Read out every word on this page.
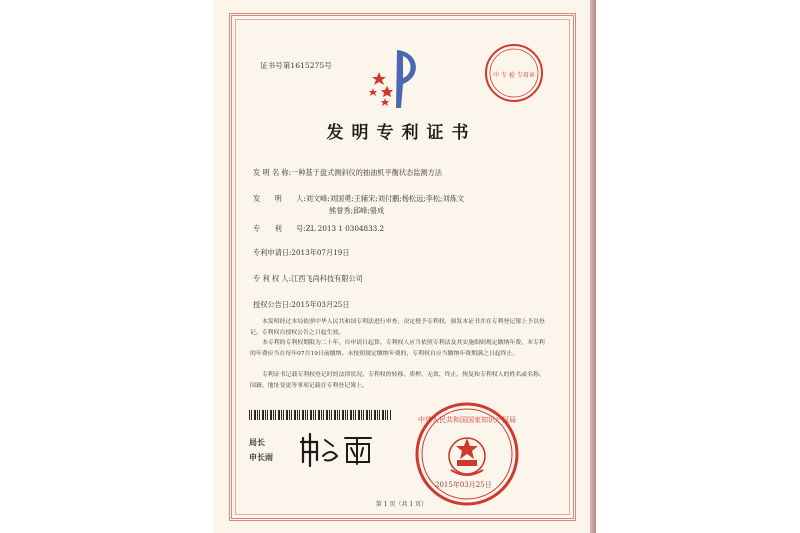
证书号第1615275号
中 专 检 专用章
发明专利证书
发 明 名 称:一种基于盘式测斜仪的抽油机平衡状态监测方法
发　　明　　人:刘文峰;刘国勇;王辅宋;刘付鹏;杨松远;李松;刘炼文
熊誉秀;邱峰;骆成
专　　利　　号:ZL 2013 1 0304833.2
专利申请日:2013年07月19日
专 利 权 人:江西飞尚科技有限公司
授权公告日:2015年03月25日
本发明经过本局依照中华人民共和国专利法进行审查，决定授予专利权，颁发本证书并在专利登记簿上予以登记。专利权自授权公告之日起生效。
本专利的专利权期限为二十年，自申请日起算。专利权人应当依照专利法及其实施细则规定缴纳年费。本专利的年费应当在每年07月19日前缴纳。未按照规定缴纳年费的，专利权自应当缴纳年费期满之日起终止。
专利证书记载专利权登记时的法律状况。专利权的转移、质押、无效、终止、恢复和专利权人的姓名或名称、国籍、地址变更等事项记载在专利登记簿上。
局长
申长雨
中华人民共和国国家知识产权局
2015年03月25日
第 1 页（共 1 页）
